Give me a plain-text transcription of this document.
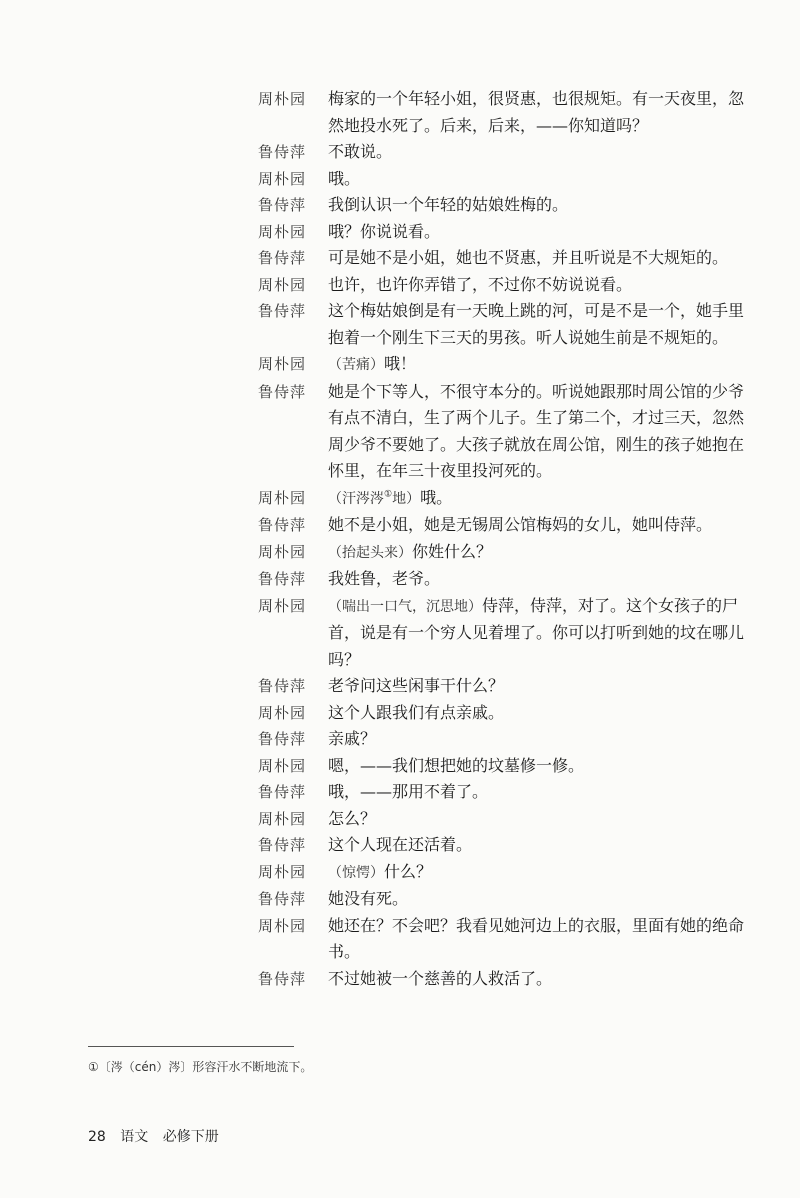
周朴园	梅家的一个年轻小姐，很贤惠，也很规矩。有一天夜里，忽然地投水死了。后来，后来，——你知道吗？
鲁侍萍	不敢说。
周朴园	哦。
鲁侍萍	我倒认识一个年轻的姑娘姓梅的。
周朴园	哦？你说说看。
鲁侍萍	可是她不是小姐，她也不贤惠，并且听说是不大规矩的。
周朴园	也许，也许你弄错了，不过你不妨说说看。
鲁侍萍	这个梅姑娘倒是有一天晚上跳的河，可是不是一个，她手里抱着一个刚生下三天的男孩。听人说她生前是不规矩的。
周朴园	（苦痛）哦！
鲁侍萍	她是个下等人，不很守本分的。听说她跟那时周公馆的少爷有点不清白，生了两个儿子。生了第二个，才过三天，忽然周少爷不要她了。大孩子就放在周公馆，刚生的孩子她抱在怀里，在年三十夜里投河死的。
周朴园	（汗涔涔①地）哦。
鲁侍萍	她不是小姐，她是无锡周公馆梅妈的女儿，她叫侍萍。
周朴园	（抬起头来）你姓什么？
鲁侍萍	我姓鲁，老爷。
周朴园	（喘出一口气，沉思地）侍萍，侍萍，对了。这个女孩子的尸首，说是有一个穷人见着埋了。你可以打听到她的坟在哪儿吗？
鲁侍萍	老爷问这些闲事干什么？
周朴园	这个人跟我们有点亲戚。
鲁侍萍	亲戚？
周朴园	嗯，——我们想把她的坟墓修一修。
鲁侍萍	哦，——那用不着了。
周朴园	怎么？
鲁侍萍	这个人现在还活着。
周朴园	（惊愕）什么？
鲁侍萍	她没有死。
周朴园	她还在？不会吧？我看见她河边上的衣服，里面有她的绝命书。
鲁侍萍	不过她被一个慈善的人救活了。
①〔涔（cén）涔〕形容汗水不断地流下。
28 语文 必修下册
